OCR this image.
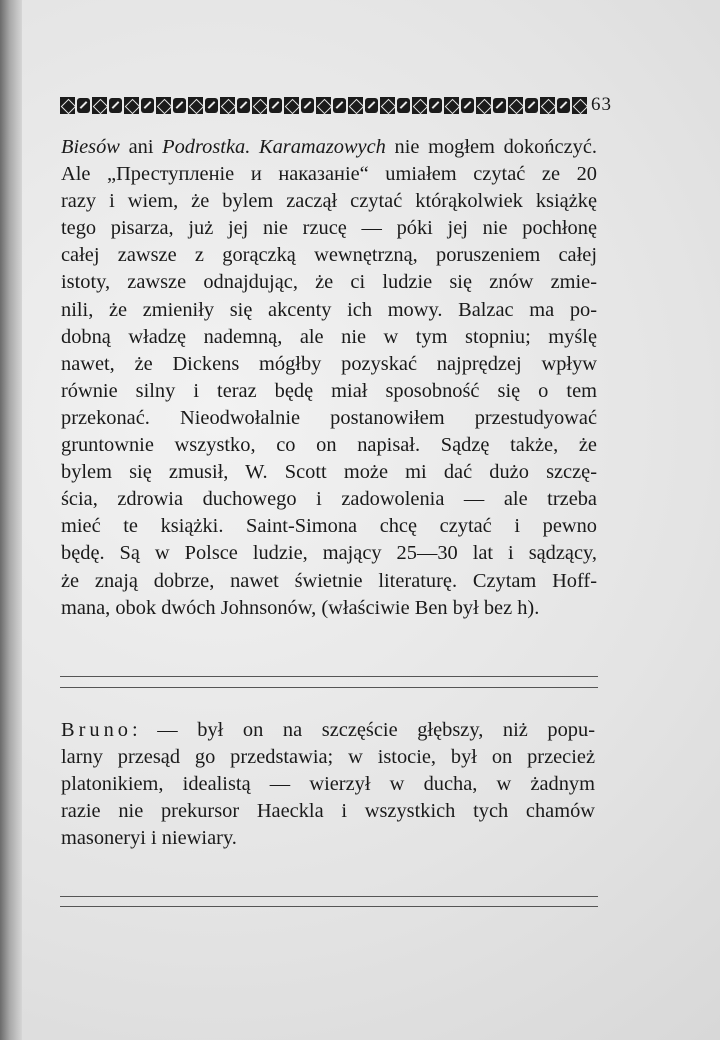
63
Biesów ani Podrostka. Karamazowych nie mogłem dokończyć.
Ale „Преступленіе и наказаніе“ umiałem czytać ze 20
razy i wiem, że bylem zaczął czytać którąkolwiek książkę
tego pisarza, już jej nie rzucę — póki jej nie pochłonę
całej zawsze z gorączką wewnętrzną, poruszeniem całej
istoty, zawsze odnajdując, że ci ludzie się znów zmie-
nili, że zmieniły się akcenty ich mowy. Balzac ma po-
dobną władzę nademną, ale nie w tym stopniu; myślę
nawet, że Dickens mógłby pozyskać najprędzej wpływ
równie silny i teraz będę miał sposobność się o tem
przekonać. Nieodwołalnie postanowiłem przestudyować
gruntownie wszystko, co on napisał. Sądzę także, że
bylem się zmusił, W. Scott może mi dać dużo szczę-
ścia, zdrowia duchowego i zadowolenia — ale trzeba
mieć te książki. Saint-Simona chcę czytać i pewno
będę. Są w Polsce ludzie, mający 25—30 lat i sądzący,
że znają dobrze, nawet świetnie literaturę. Czytam Hoff-
mana, obok dwóch Johnsonów, (właściwie Ben był bez h).
Bruno: — był on na szczęście głębszy, niż popu-
larny przesąd go przedstawia; w istocie, był on przecież
platonikiem, idealistą — wierzył w ducha, w żadnym
razie nie prekursor Haeckla i wszystkich tych chamów
masoneryi i niewiary.
